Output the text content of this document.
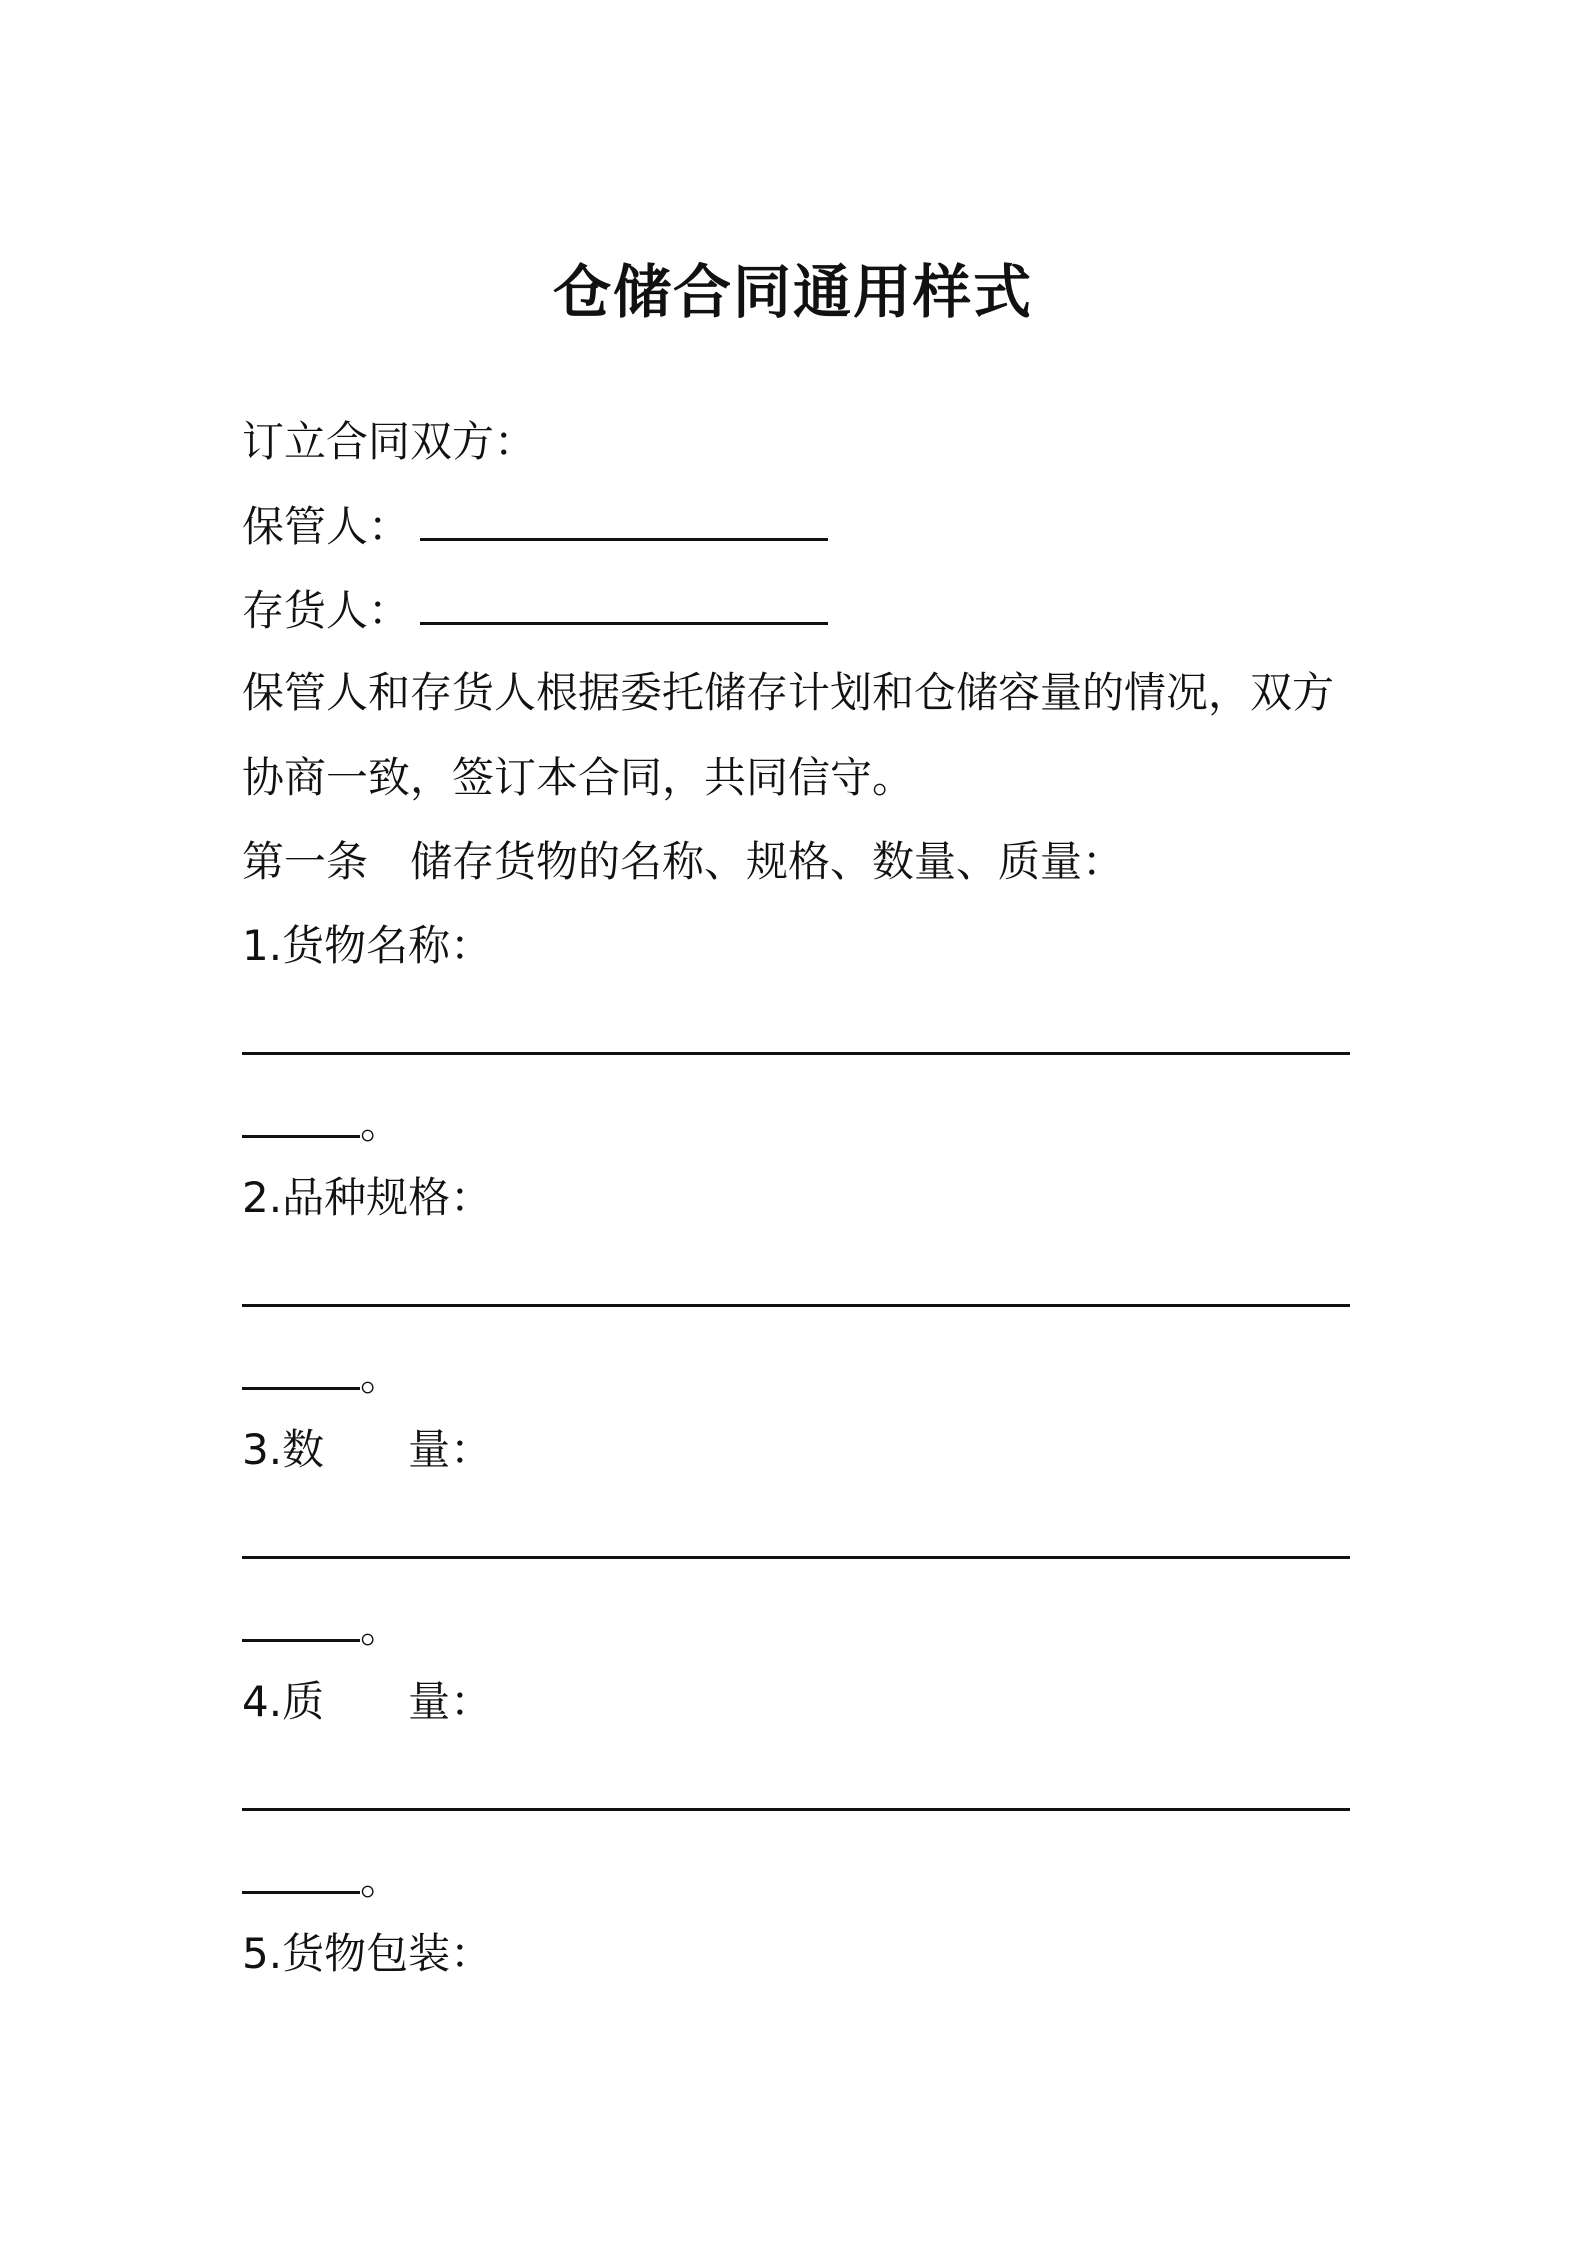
仓储合同通用样式
订立合同双方：
保管人：
存货人：
保管人和存货人根据委托储存计划和仓储容量的情况，双方
协商一致，签订本合同，共同信守。
第一条　储存货物的名称、规格、数量、质量：
1.货物名称：
。
2.品种规格：
。
3.数　　量：
。
4.质　　量：
。
5.货物包装：
